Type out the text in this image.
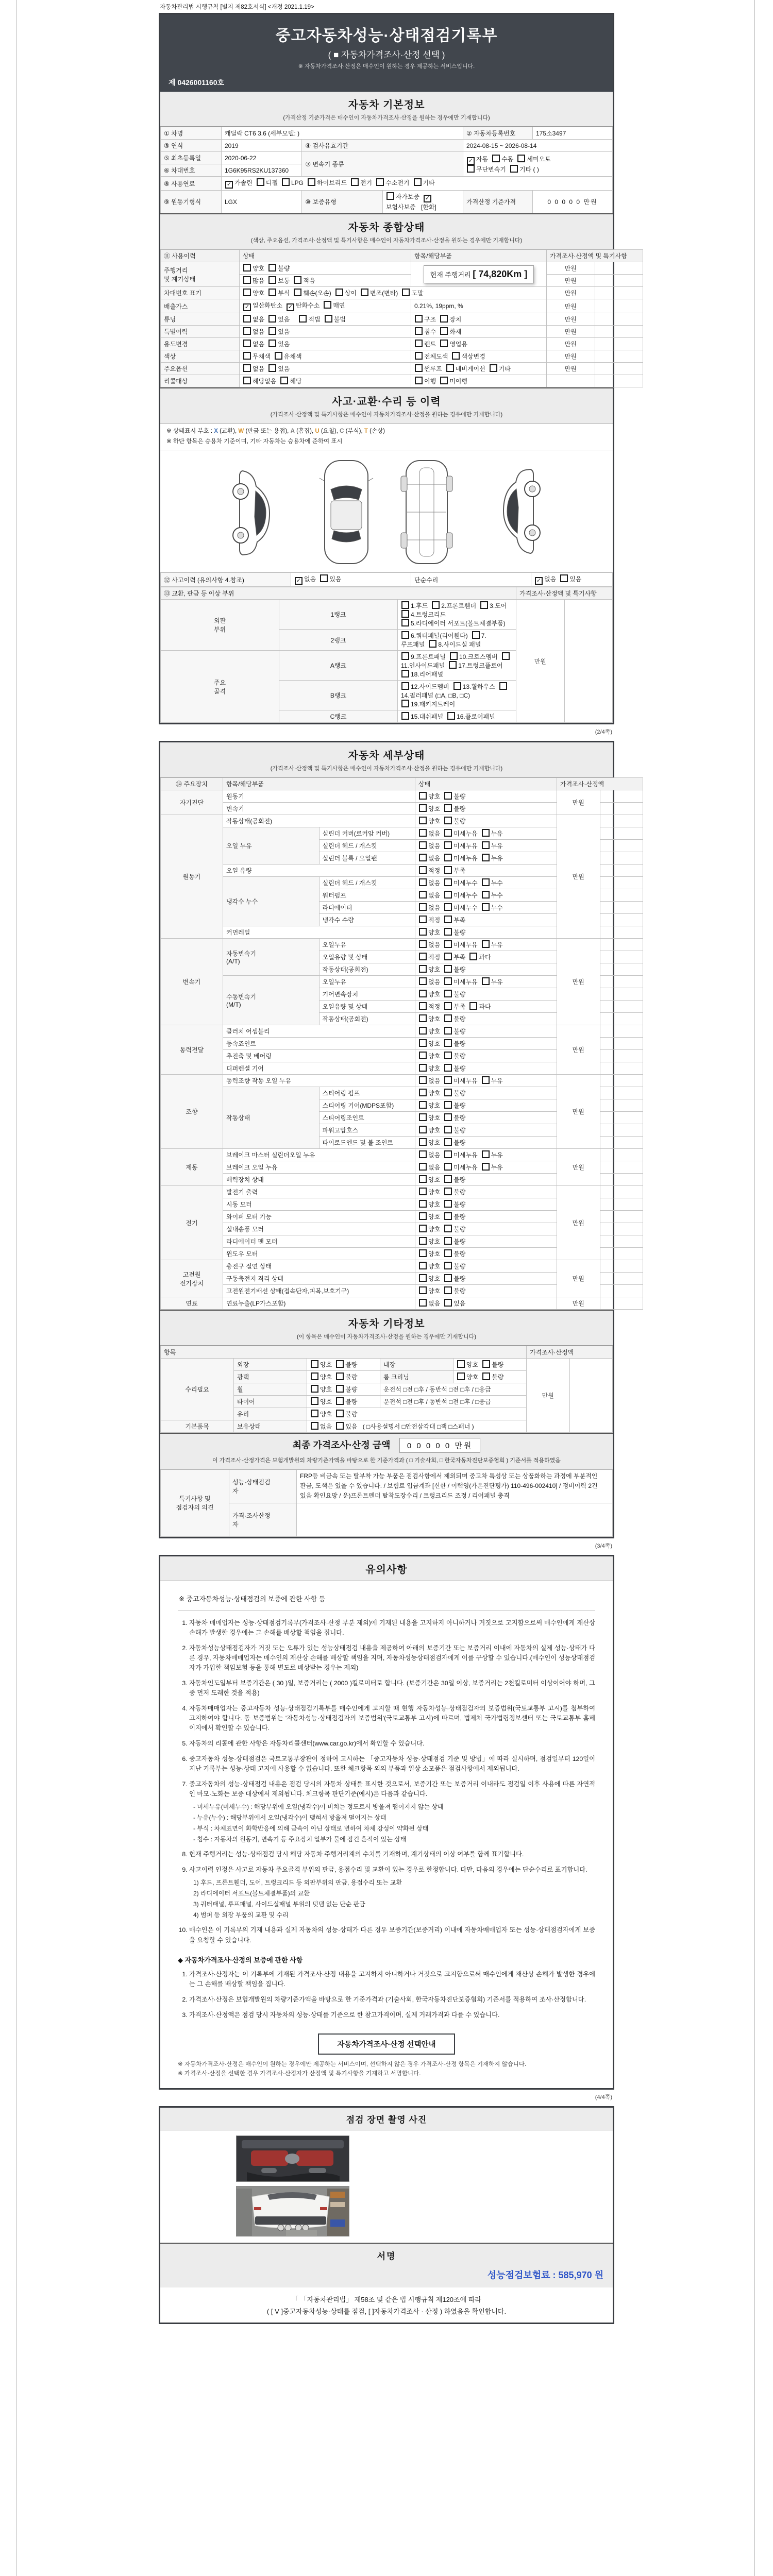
자동차관리법 시행규칙 [별지 제82호서식] <개정 2021.1.19>
중고자동차성능·상태점검기록부
( ■ 자동차가격조사·산정 선택 )
※ 자동차가격조사·산정은 매수인이 원하는 경우 제공하는 서비스입니다.
제 0426001160호
자동차 기본정보
(가격산정 기준가격은 매수인이 자동차가격조사·산정을 원하는 경우에만 기재합니다)
① 차명	캐딜락 CT6 3.6 (세부모델: )			② 자동차등록번호	175소3497
③ 연식	2019	④ 검사유효기간		2024-08-15 ~ 2026-08-14	
⑤ 최초등록일	2020-06-22	⑦ 변속기 종류		✓ 자동 수동 세미오토
무단변속기 기타 ( )	
⑥ 차대번호	1G6K95RS2KU137360				
⑧ 사용연료	✓ 가솔린 디젤 LPG 하이브리드 전기 수소전기 기타				
⑨ 원동기형식	LGX	⑩ 보증유형	자가보증 ✓보험사보증 [한화]	가격산정 기준가격	0 0 0 0 0 만원
자동차 종합상태
(색상, 주요옵션, 가격조사·산정액 및 특기사항은 매수인이 자동차가격조사·산정을 원하는 경우에만 기재합니다)
⑪ 사용이력	상태	항목/해당부품	가격조사·산정액 및 특기사항	
주행거리
및 계기상태	양호 불량	현재 주행거리 [ 74,820Km ]	만원	
	많음 보통 적음		만원	
차대번호 표기	양호 부식 훼손(오손) 상이 변조(변타) 도말		만원	
배출가스	✓ 일산화탄소 ✓ 탄화수소 매연	0.21%, 19ppm, %	만원	
튜닝	없음 있음 적법 불법	구조 장치	만원	
특별이력	없음 있음	침수 화재	만원	
용도변경	없음 있음	렌트 영업용	만원	
색상	무채색 유채색	전체도색 색상변경	만원	
주요옵션	없음 있음	썬루프 네비게이션 기타	만원	
리콜대상	해당없음 해당	이행 미이행		
사고·교환·수리 등 이력
(가격조사·산정액 및 특기사항은 매수인이 자동차가격조사·산정을 원하는 경우에만 기재합니다)
※ 상태표시 부호 : X (교환), W (판금 또는 용접), A (흠집), U (요철), C (부식), T (손상)
※ 하단 항목은 승용차 기준이며, 기타 자동차는 승용차에 준하여 표시
⑫ 사고이력 (유의사항 4.참조)	✓ 없음 있음	단순수리	✓ 없음 있음
⑬ 교환, 판금 등 이상 부위			가격조사·산정액 및 특기사항	
외판
부위	1랭크	1.후드 2.프론트휀더 3.도어4.트렁크리드
5.라디에이터 서포트(볼트체결부품)	만원	
	2랭크	6.쿼터패널(리어휀다) 7.루프패널 8.사이드실 패널		
주요
골격	A랭크	9.프론트패널 10.크로스멤버11.인사이드패널 17.트렁크플로어
18.리어패널		
	B랭크	12.사이드멤버 13.휠하우스14.필러패널 (□A, □B, □C)
19.패키지트레이		
	C랭크	15.대쉬패널 16.플로어패널		
(2/4쪽)
자동차 세부상태
(가격조사·산정액 및 특기사항은 매수인이 자동차가격조사·산정을 원하는 경우에만 기재합니다)
⑭ 주요장치	항목/해당부품		상태	가격조사·산정액	
자기진단	원동기		양호 불량	만원	
	변속기		양호 불량		
원동기	작동상태(공회전)		양호 불량	만원	
	오일 누유	실린더 커버(로커암 커버)	없음 미세누유 누유		
		실린더 헤드 / 개스킷	없음 미세누유 누유		
		실린더 블록 / 오일팬	없음 미세누유 누유		
	오일 유량		적정 부족		
	냉각수 누수	실린더 헤드 / 개스킷	없음 미세누수 누수		
		워터펌프	없음 미세누수 누수		
		라디에이터	없음 미세누수 누수		
		냉각수 수량	적정 부족		
	커먼레일		양호 불량		
변속기	자동변속기
(A/T)	오일누유	없음 미세누유 누유	만원	
		오일유량 및 상태	적정 부족 과다		
		작동상태(공회전)	양호 불량		
	수동변속기
(M/T)	오일누유	없음 미세누유 누유		
		기어변속장치	양호 불량		
		오일유량 및 상태	적정 부족 과다		
		작동상태(공회전)	양호 불량		
동력전달	클러치 어셈블리		양호 불량	만원	
	등속죠인트		양호 불량		
	추진축 및 베어링		양호 불량		
	디퍼렌셜 기어		양호 불량		
조향	동력조향 작동 오일 누유		없음 미세누유 누유	만원	
	작동상태	스티어링 펌프	양호 불량		
		스티어링 기어(MDPS포함)	양호 불량		
		스티어링조인트	양호 불량		
		파워고압호스	양호 불량		
		타이로드엔드 및 볼 조인트	양호 불량		
제동	브레이크 마스터 실린더오일 누유		없음 미세누유 누유	만원	
	브레이크 오일 누유		없음 미세누유 누유		
	배력장치 상태		양호 불량		
전기	발전기 출력		양호 불량	만원	
	시동 모터		양호 불량		
	와이퍼 모터 기능		양호 불량		
	실내송풍 모터		양호 불량		
	라디에이터 팬 모터		양호 불량		
	윈도우 모터		양호 불량		
고전원
전기장치	충전구 절연 상태		양호 불량	만원	
	구동축전지 격리 상태		양호 불량		
	고전원전기배선 상태(접속단자,피복,보호기구)		양호 불량		
연료	연료누출(LP가스포함)		없음 있음	만원	
자동차 기타정보
(이 항목은 매수인이 자동차가격조사·산정을 원하는 경우에만 기재합니다)
항목					가격조사·산정액	
수리필요	외장	양호 불량	내장	양호 불량	만원	
	광택	양호 불량	룸 크리닝	양호 불량		
	휠	양호 불량	운전석 □전 □후 / 동반석 □전 □후 / □응급			
	타이어	양호 불량	운전석 □전 □후 / 동반석 □전 □후 / □응급			
	유리	양호 불량				
기본품목	보유상태	없음 있음 ( □사용설명서 □안전삼각대 □잭 □스패너 )				
최종 가격조사·산정 금액 0 0 0 0 0 만원
이 가격조사·산정가격은 보험개발원의 차량기준가액을 바탕으로 한 기준가격과 ( □ 기술사회, □ 한국자동차진단보증협회 ) 기준서를 적용하였음
특기사항 및
점검자의 의견	성능·상태점검
자	FRP등 비금속 또는 탈부착 가능 부품은 점검사항에서 제외되며 중고차 특성상 또는 상품화하는 과정에 부분적인 판금, 도색은 있을 수 있습니다. / 보험료 입금계좌 [신한 / 이택영(가온진단평가) 110-496-002410] / 정비이력 2건 있음 확인요망 / 운)프론트펜더 탈착도장수리 / 트렁크리드 조정 / 리어패널 충격
	가격·조사산정
자	
(3/4쪽)
유의사항
※ 중고자동차성능·상태점검의 보증에 관한 사항 등
1. 자동차 매매업자는 성능·상태점검기록부(가격조사·산정 부분 제외)에 기재된 내용을 고지하지 아니하거나 거짓으로 고지함으로써 매수인에게 재산상 손해가 발생한 경우에는 그 손해를 배상할 책임을 집니다.
2. 자동차성능상태점검자가 거짓 또는 오류가 있는 성능상태점검 내용을 제공하여 아래의 보증기간 또는 보증거리 이내에 자동차의 실제 성능·상태가 다른 경우, 자동차매매업자는 매수인의 재산상 손해를 배상할 책임을 지며, 자동차성능상태점검자에게 이를 구상할 수 있습니다.(매수인이 성능상태점검자가 가입한 책임보험 등을 통해 별도로 배상받는 경우는 제외)
3. 자동차인도일부터 보증기간은 ( 30 )일, 보증거리는 ( 2000 )킬로미터로 합니다. (보증기간은 30일 이상, 보증거리는 2천킬로미터 이상이어야 하며, 그 중 먼저 도래한 것을 적용)
4. 자동차매매업자는 중고자동차 성능·상태점검기록부를 매수인에게 고지할 때 현행 자동차성능·상태점검자의 보증범위(국토교통부 고시)를 첨부하여 고지하여야 합니다. 동 보증범위는 '자동차성능·상태점검자의 보증범위'(국토교통부 고시)에 따르며, 법제처 국가법령정보센터 또는 국토교통부 홈페이지에서 확인할 수 있습니다.
5. 자동차의 리콜에 관한 사항은 자동차리콜센터(www.car.go.kr)에서 확인할 수 있습니다.
6. 중고자동차 성능·상태점검은 국토교통부장관이 정하여 고시하는 「중고자동차 성능·상태점검 기준 및 방법」에 따라 실시하며, 점검일부터 120일이 지난 기록부는 성능·상태 고지에 사용할 수 없습니다. 또한 체크항목 외의 부품과 일상 소모품은 점검사항에서 제외됩니다.
7. 중고자동차의 성능·상태점검 내용은 점검 당시의 자동차 상태를 표시한 것으로서, 보증기간 또는 보증거리 이내라도 점검일 이후 사용에 따른 자연적인 마모·노화는 보증 대상에서 제외됩니다. 체크항목 판단기준(예시)은 다음과 같습니다.
- 미세누유(미세누수) : 해당부위에 오일(냉각수)이 비치는 정도로서 방울져 떨어지지 않는 상태
- 누유(누수) : 해당부위에서 오일(냉각수)이 맺혀서 방울져 떨어지는 상태
- 부식 : 차체표면이 화학반응에 의해 금속이 아닌 상태로 변하여 차체 강성이 약화된 상태
- 침수 : 자동차의 원동기, 변속기 등 주요장치 일부가 물에 잠긴 흔적이 있는 상태
8. 현재 주행거리는 성능·상태점검 당시 해당 자동차 주행거리계의 수치를 기재하며, 계기상태의 이상 여부를 함께 표기합니다.
9. 사고이력 인정은 사고로 자동차 주요골격 부위의 판금, 용접수리 및 교환이 있는 경우로 한정합니다. 다만, 다음의 경우에는 단순수리로 표기합니다.
1) 후드, 프론트휀더, 도어, 트렁크리드 등 외판부위의 판금, 용접수리 또는 교환
2) 라디에이터 서포트(볼트체결부품)의 교환
3) 쿼터패널, 루프패널, 사이드실패널 부위의 덧댐 없는 단순 판금
4) 범퍼 등 외장 부품의 교환 및 수리
10. 매수인은 이 기록부의 기재 내용과 실제 자동차의 성능·상태가 다른 경우 보증기간(보증거리) 이내에 자동차매매업자 또는 성능·상태점검자에게 보증을 요청할 수 있습니다.
◆ 자동차가격조사·산정의 보증에 관한 사항
1. 가격조사·산정자는 이 기록부에 기재된 가격조사·산정 내용을 고지하지 아니하거나 거짓으로 고지함으로써 매수인에게 재산상 손해가 발생한 경우에는 그 손해를 배상할 책임을 집니다.
2. 가격조사·산정은 보험개발원의 차량기준가액을 바탕으로 한 기준가격과 (기술사회, 한국자동차진단보증협회) 기준서를 적용하여 조사·산정합니다.
3. 가격조사·산정액은 점검 당시 자동차의 성능·상태를 기준으로 한 참고가격이며, 실제 거래가격과 다를 수 있습니다.
자동차가격조사·산정 선택안내
※ 자동차가격조사·산정은 매수인이 원하는 경우에만 제공하는 서비스이며, 선택하지 않은 경우 가격조사·산정 항목은 기재하지 않습니다.
※ 가격조사·산정을 선택한 경우 가격조사·산정자가 산정액 및 특기사항을 기재하고 서명합니다.
(4/4쪽)
점검 장면 촬영 사진
서명
성능점검보험료 : 585,970 원
「 「자동차관리법」 제58조 및 같은 법 시행규칙 제120조에 따라
( [ V ]중고자동차성능·상태를 점검, [ ]자동차가격조사 · 산정 ) 하였음을 확인합니다.
